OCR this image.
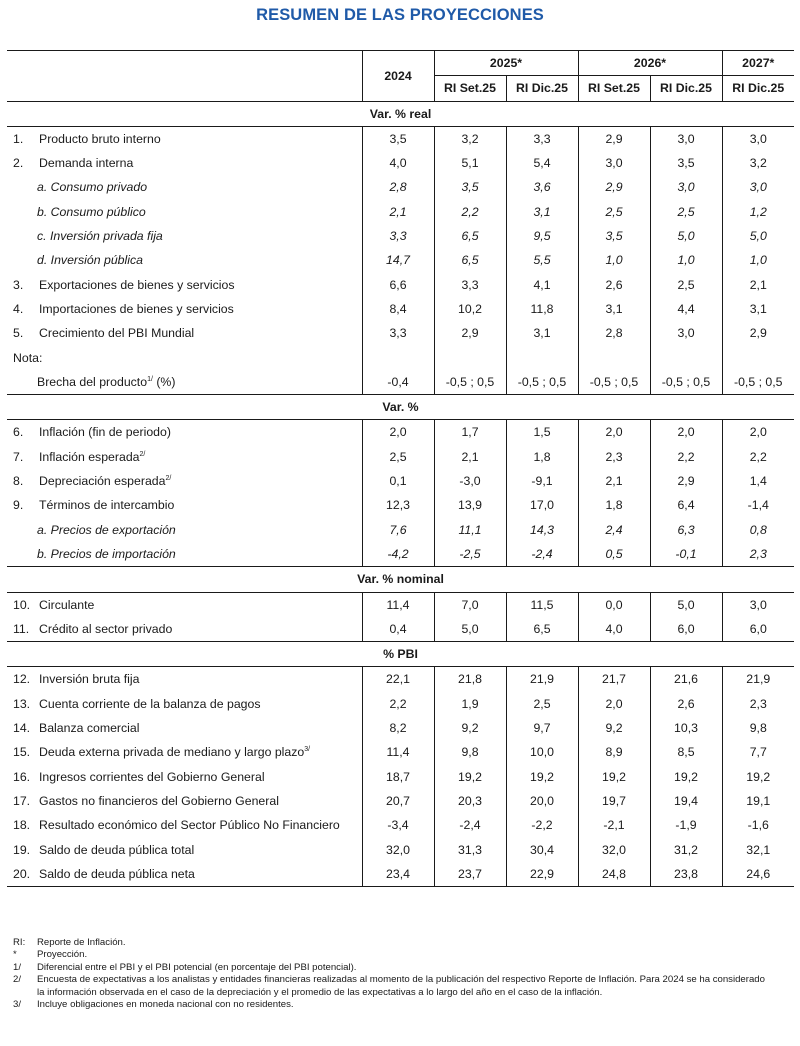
RESUMEN DE LAS PROYECCIONES
	2024	2025*		2026*		2027*
		RI Set.25	RI Dic.25	RI Set.25	RI Dic.25	RI Dic.25
Var. % real						
1. Producto bruto interno	3,5	3,2	3,3	2,9	3,0	3,0
2. Demanda interna	4,0	5,1	5,4	3,0	3,5	3,2
a. Consumo privado	2,8	3,5	3,6	2,9	3,0	3,0
b. Consumo público	2,1	2,2	3,1	2,5	2,5	1,2
c. Inversión privada fija	3,3	6,5	9,5	3,5	5,0	5,0
d. Inversión pública	14,7	6,5	5,5	1,0	1,0	1,0
3. Exportaciones de bienes y servicios	6,6	3,3	4,1	2,6	2,5	2,1
4. Importaciones de bienes y servicios	8,4	10,2	11,8	3,1	4,4	3,1
5. Crecimiento del PBI Mundial	3,3	2,9	3,1	2,8	3,0	2,9
Nota:						
Brecha del producto$^{1/}$ (%)	-0,4	-0,5 ; 0,5	-0,5 ; 0,5	-0,5 ; 0,5	-0,5 ; 0,5	-0,5 ; 0,5
Var. %						
6. Inflación (fin de periodo)	2,0	1,7	1,5	2,0	2,0	2,0
7. Inflación esperada$^{2/}$	2,5	2,1	1,8	2,3	2,2	2,2
8. Depreciación esperada$^{2/}$	0,1	-3,0	-9,1	2,1	2,9	1,4
9. Términos de intercambio	12,3	13,9	17,0	1,8	6,4	-1,4
a. Precios de exportación	7,6	11,1	14,3	2,4	6,3	0,8
b. Precios de importación	-4,2	-2,5	-2,4	0,5	-0,1	2,3
Var. % nominal						
10. Circulante	11,4	7,0	11,5	0,0	5,0	3,0
11. Crédito al sector privado	0,4	5,0	6,5	4,0	6,0	6,0
% PBI						
12. Inversión bruta fija	22,1	21,8	21,9	21,7	21,6	21,9
13. Cuenta corriente de la balanza de pagos	2,2	1,9	2,5	2,0	2,6	2,3
14. Balanza comercial	8,2	9,2	9,7	9,2	10,3	9,8
15. Deuda externa privada de mediano y largo plazo$^{3/}$	11,4	9,8	10,0	8,9	8,5	7,7
16. Ingresos corrientes del Gobierno General	18,7	19,2	19,2	19,2	19,2	19,2
17. Gastos no financieros del Gobierno General	20,7	20,3	20,0	19,7	19,4	19,1
18. Resultado económico del Sector Público No Financiero	-3,4	-2,4	-2,2	-2,1	-1,9	-1,6
19. Saldo de deuda pública total	32,0	31,3	30,4	32,0	31,2	32,1
20. Saldo de deuda pública neta	23,4	23,7	22,9	24,8	23,8	24,6
RI:	Reporte de Inflación.
*	Proyección.
1/	Diferencial entre el PBI y el PBI potencial (en porcentaje del PBI potencial).
2/	Encuesta de expectativas a los analistas y entidades financieras realizadas al momento de la publicación del respectivo Reporte de Inflación. Para 2024 se ha considerado la información observada en el caso de la depreciación y el promedio de las expectativas a lo largo del año en el caso de la inflación.
3/	Incluye obligaciones en moneda nacional con no residentes.
